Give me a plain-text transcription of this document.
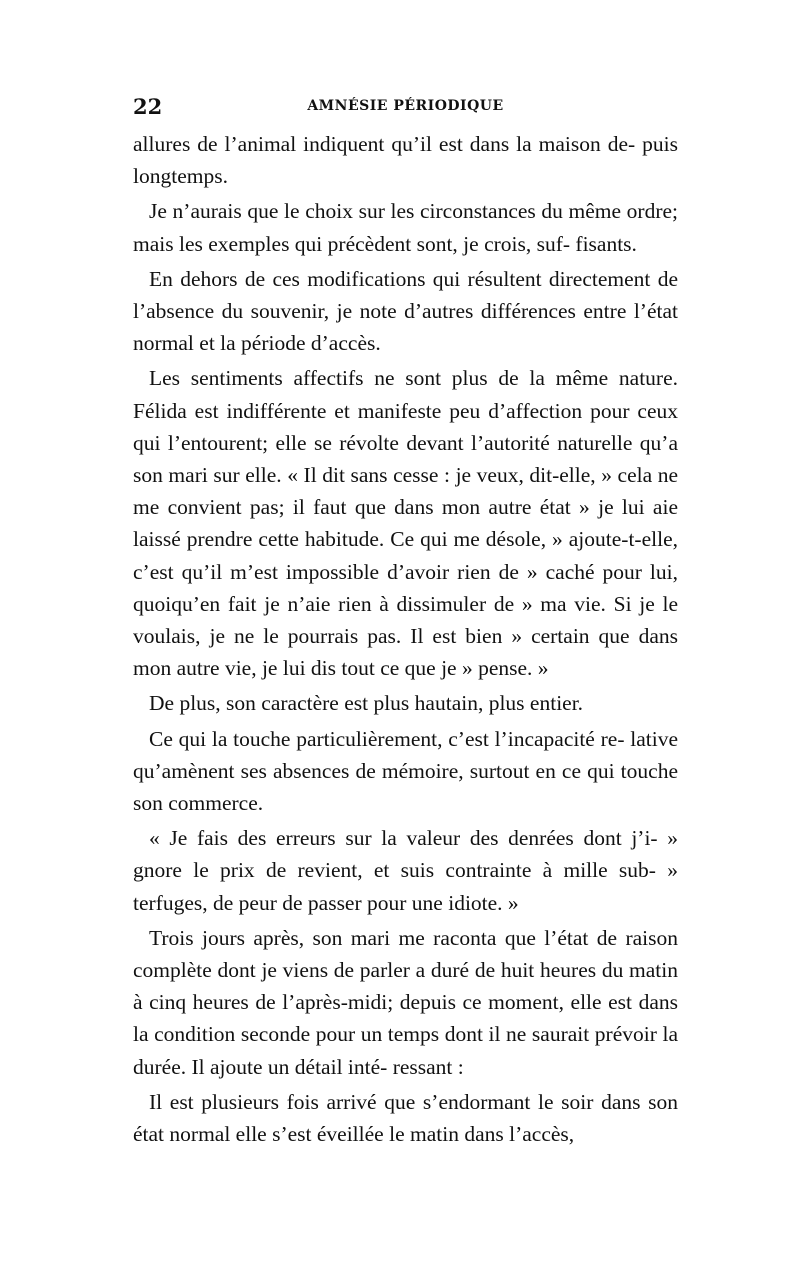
22	AMNÉSIE PÉRIODIQUE

allures de l’animal indiquent qu’il est dans la maison de- puis longtemps.

Je n’aurais que le choix sur les circonstances du même ordre; mais les exemples qui précèdent sont, je crois, suf- fisants.

En dehors de ces modifications qui résultent directement de l’absence du souvenir, je note d’autres différences entre l’état normal et la période d’accès.

Les sentiments affectifs ne sont plus de la même nature. Félida est indifférente et manifeste peu d’affection pour ceux qui l’entourent; elle se révolte devant l’autorité naturelle qu’a son mari sur elle. « Il dit sans cesse : je veux, dit-elle, » cela ne me convient pas; il faut que dans mon autre état » je lui aie laissé prendre cette habitude. Ce qui me désole, » ajoute-t-elle, c’est qu’il m’est impossible d’avoir rien de » caché pour lui, quoiqu’en fait je n’aie rien à dissimuler de » ma vie. Si je le voulais, je ne le pourrais pas. Il est bien » certain que dans mon autre vie, je lui dis tout ce que je » pense. »

De plus, son caractère est plus hautain, plus entier.

Ce qui la touche particulièrement, c’est l’incapacité re- lative qu’amènent ses absences de mémoire, surtout en ce qui touche son commerce.

« Je fais des erreurs sur la valeur des denrées dont j’i- » gnore le prix de revient, et suis contrainte à mille sub- » terfuges, de peur de passer pour une idiote. »

Trois jours après, son mari me raconta que l’état de raison complète dont je viens de parler a duré de huit heures du matin à cinq heures de l’après-midi; depuis ce moment, elle est dans la condition seconde pour un temps dont il ne saurait prévoir la durée. Il ajoute un détail inté- ressant :

Il est plusieurs fois arrivé que s’endormant le soir dans son état normal elle s’est éveillée le matin dans l’accès,
